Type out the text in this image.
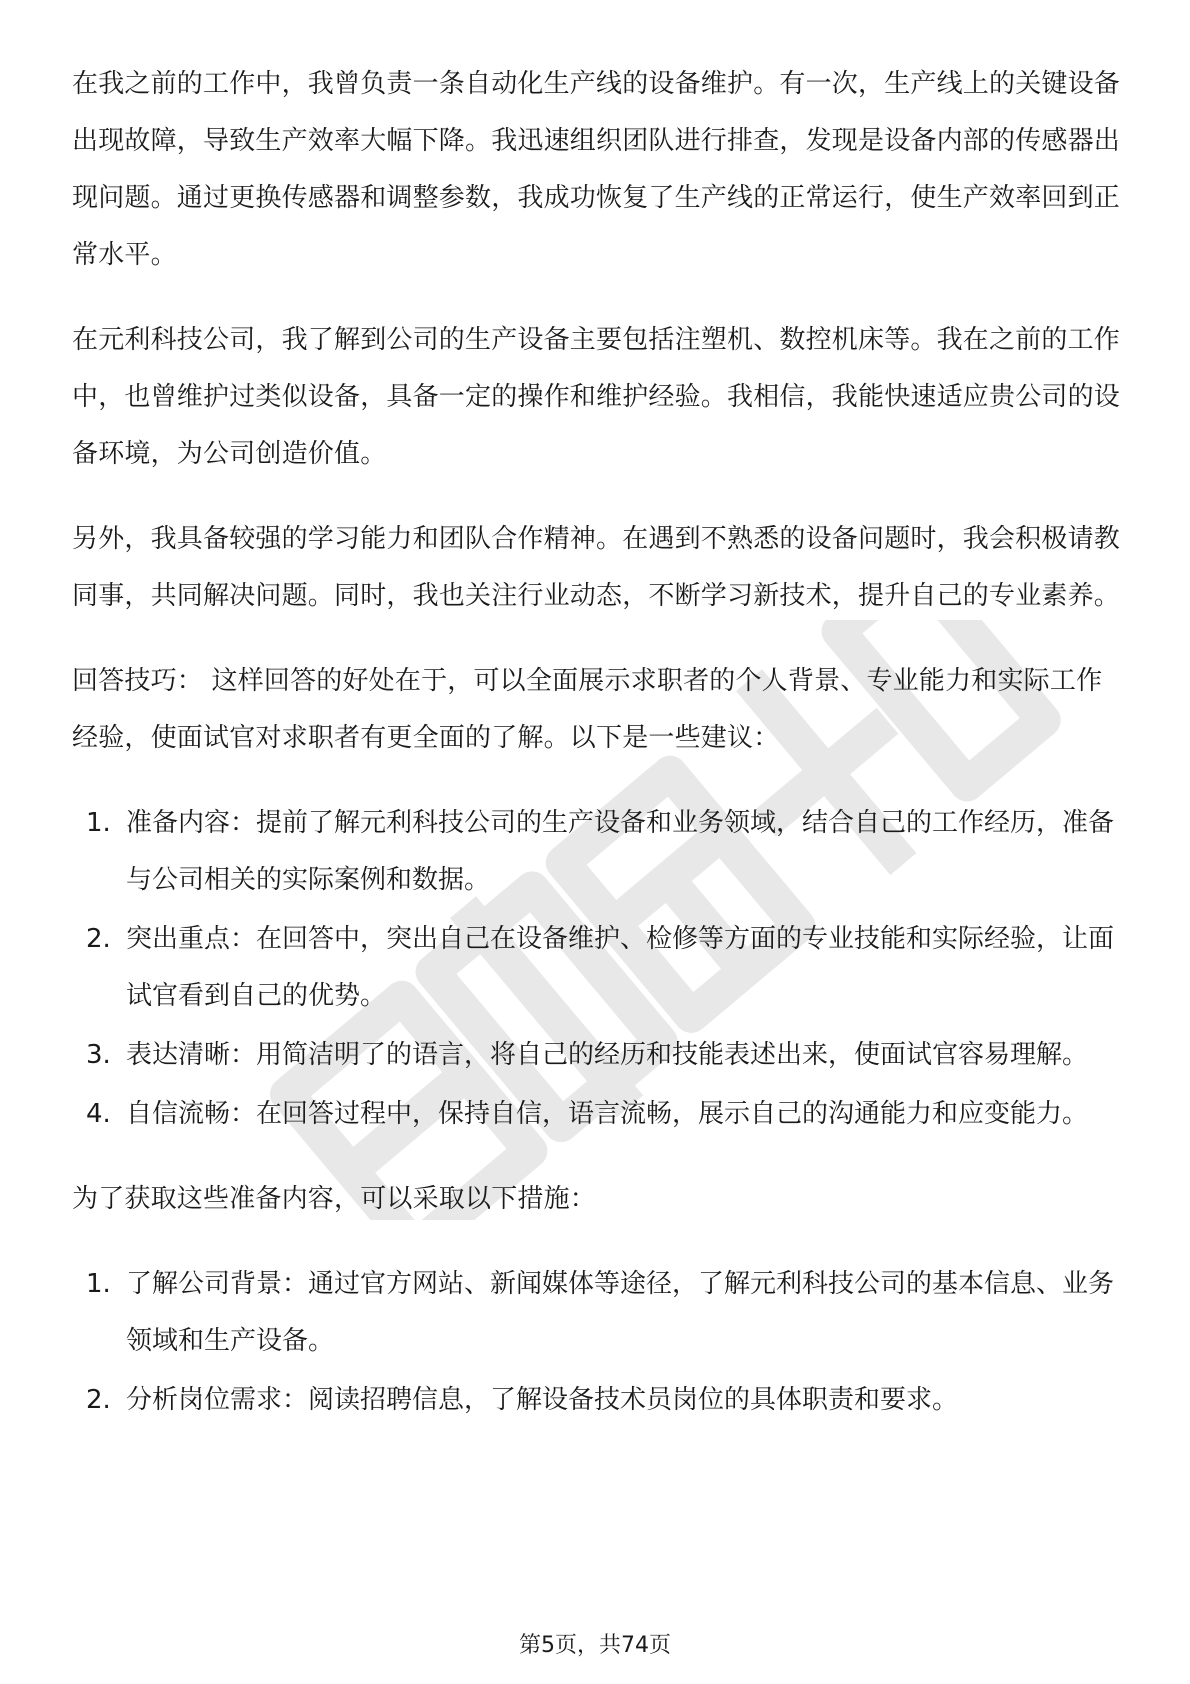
在我之前的工作中，我曾负责一条自动化生产线的设备维护。有一次，生产线上的关键设备出现故障，导致生产效率大幅下降。我迅速组织团队进行排查，发现是设备内部的传感器出现问题。通过更换传感器和调整参数，我成功恢复了生产线的正常运行，使生产效率回到正常水平。

在元利科技公司，我了解到公司的生产设备主要包括注塑机、数控机床等。我在之前的工作中，也曾维护过类似设备，具备一定的操作和维护经验。我相信，我能快速适应贵公司的设备环境，为公司创造价值。

另外，我具备较强的学习能力和团队合作精神。在遇到不熟悉的设备问题时，我会积极请教同事，共同解决问题。同时，我也关注行业动态，不断学习新技术，提升自己的专业素养。

回答技巧： 这样回答的好处在于，可以全面展示求职者的个人背景、专业能力和实际工作经验，使面试官对求职者有更全面的了解。以下是一些建议：

1. 准备内容：提前了解元利科技公司的生产设备和业务领域，结合自己的工作经历，准备与公司相关的实际案例和数据。
2. 突出重点：在回答中，突出自己在设备维护、检修等方面的专业技能和实际经验，让面试官看到自己的优势。
3. 表达清晰：用简洁明了的语言，将自己的经历和技能表述出来，使面试官容易理解。
4. 自信流畅：在回答过程中，保持自信，语言流畅，展示自己的沟通能力和应变能力。

为了获取这些准备内容，可以采取以下措施：

1. 了解公司背景：通过官方网站、新闻媒体等途径，了解元利科技公司的基本信息、业务领域和生产设备。
2. 分析岗位需求：阅读招聘信息，了解设备技术员岗位的具体职责和要求。
第5页，共74页
